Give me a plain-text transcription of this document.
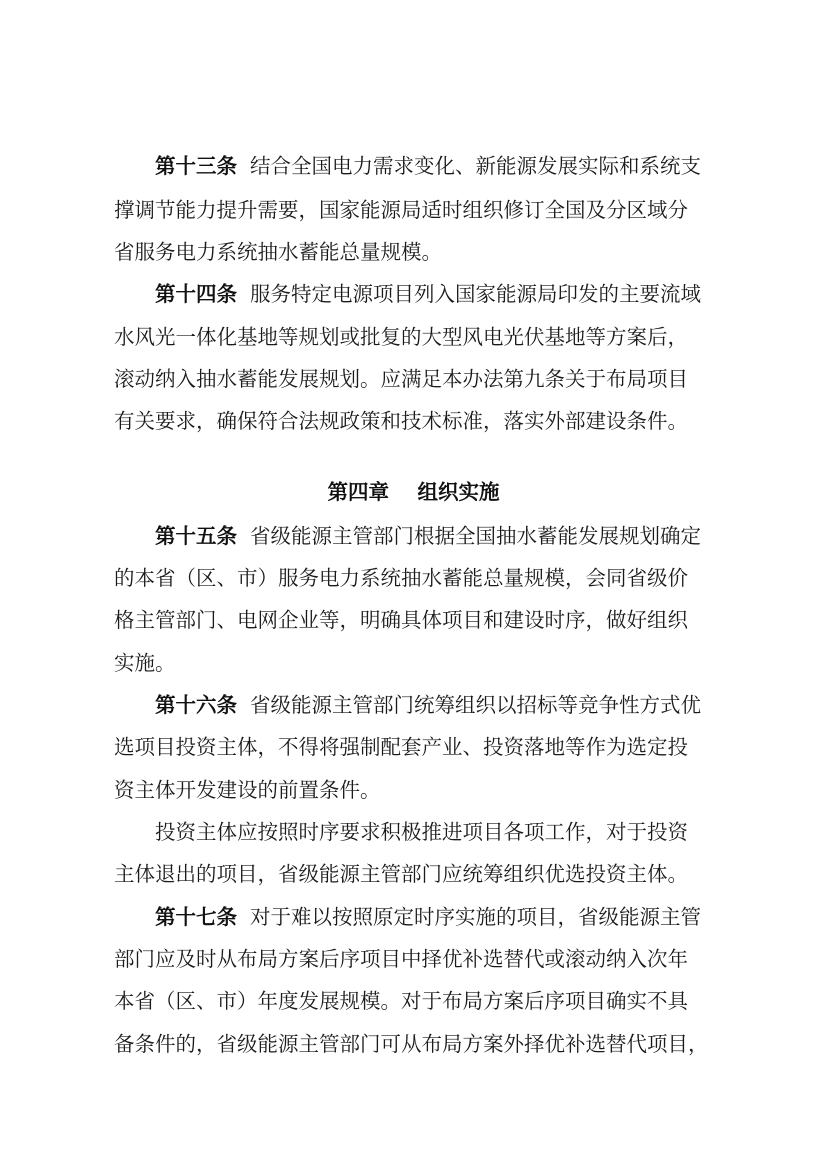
第十三条 结合全国电力需求变化、新能源发展实际和系统支
撑调节能力提升需要，国家能源局适时组织修订全国及分区域分
省服务电力系统抽水蓄能总量规模。
第十四条 服务特定电源项目列入国家能源局印发的主要流域
水风光一体化基地等规划或批复的大型风电光伏基地等方案后，
滚动纳入抽水蓄能发展规划。应满足本办法第九条关于布局项目
有关要求，确保符合法规政策和技术标准，落实外部建设条件。
第四章    组织实施
第十五条 省级能源主管部门根据全国抽水蓄能发展规划确定
的本省（区、市）服务电力系统抽水蓄能总量规模，会同省级价
格主管部门、电网企业等，明确具体项目和建设时序，做好组织
实施。
第十六条 省级能源主管部门统筹组织以招标等竞争性方式优
选项目投资主体，不得将强制配套产业、投资落地等作为选定投
资主体开发建设的前置条件。
投资主体应按照时序要求积极推进项目各项工作，对于投资
主体退出的项目，省级能源主管部门应统筹组织优选投资主体。
第十七条 对于难以按照原定时序实施的项目，省级能源主管
部门应及时从布局方案后序项目中择优补选替代或滚动纳入次年
本省（区、市）年度发展规模。对于布局方案后序项目确实不具
备条件的，省级能源主管部门可从布局方案外择优补选替代项目，
